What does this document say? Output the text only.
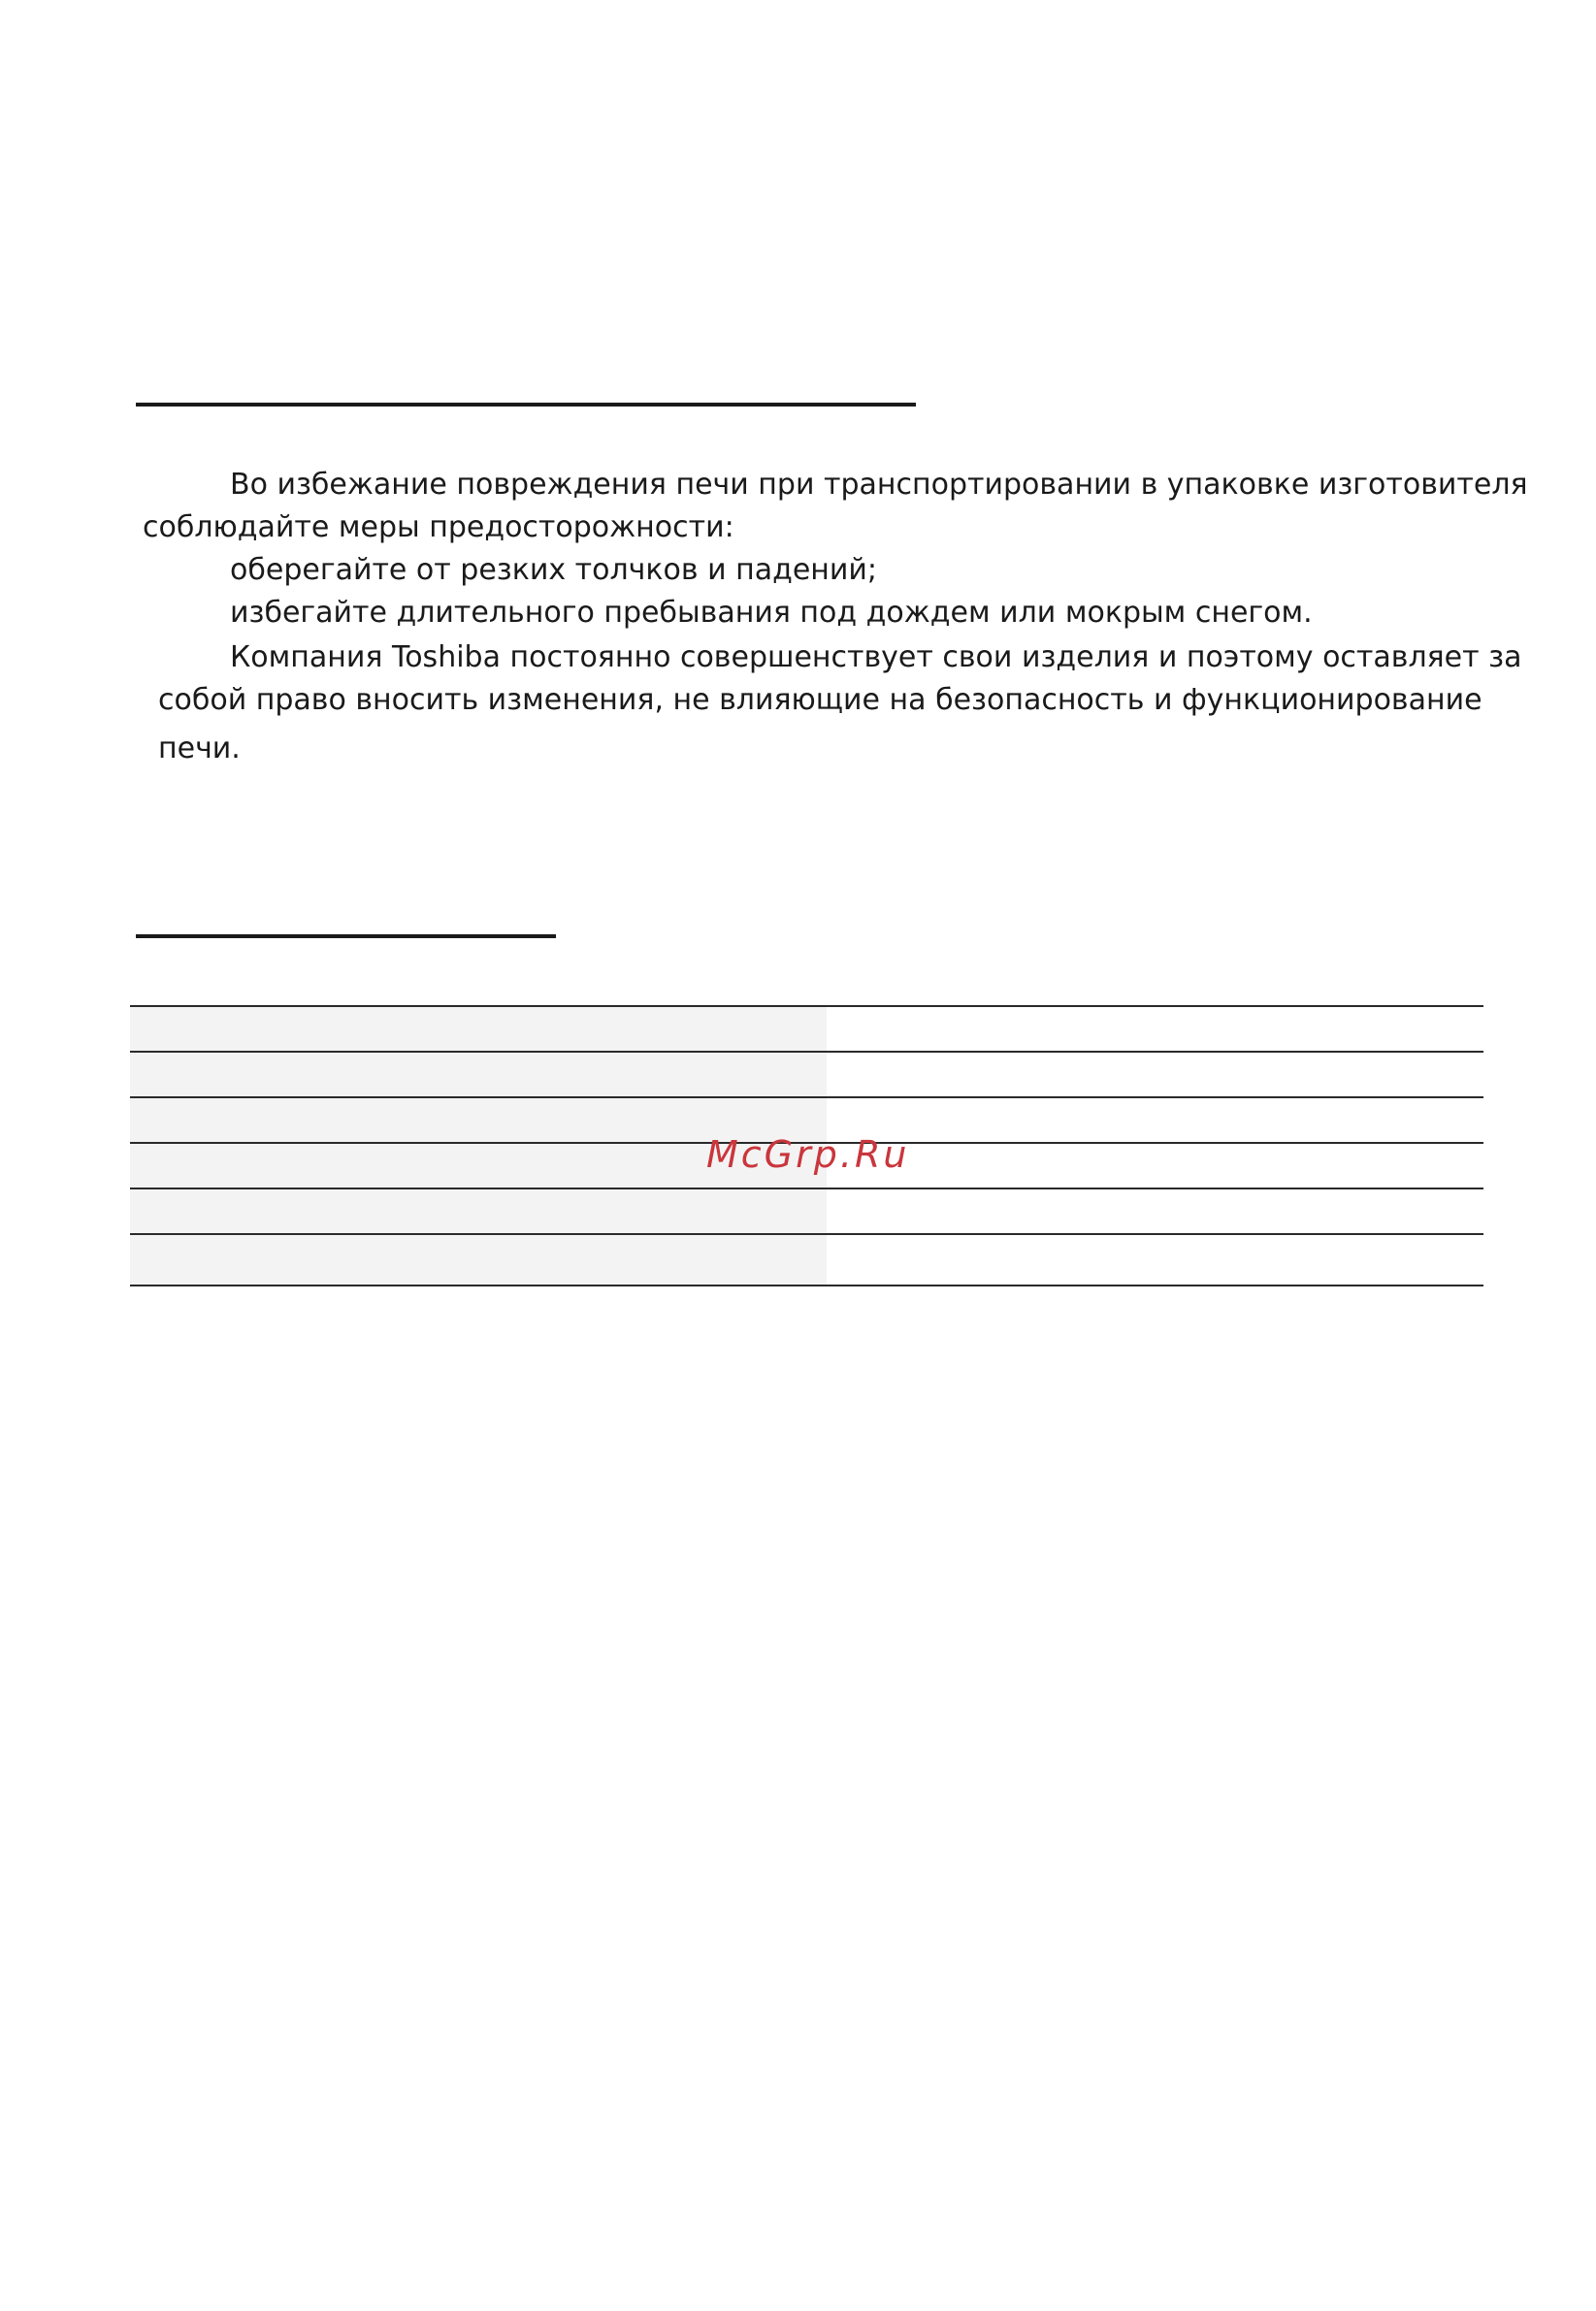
Во избежание повреждения печи при транспортировании в упаковке изготовителя
соблюдайте меры предосторожности:
оберегайте от резких толчков и падений;
избегайте длительного пребывания под дождем или мокрым снегом.
Компания Toshiba постоянно совершенствует свои изделия и поэтому оставляет за
собой право вносить изменения, не влияющие на безопасность и функционирование
печи.

McGrp.Ru
